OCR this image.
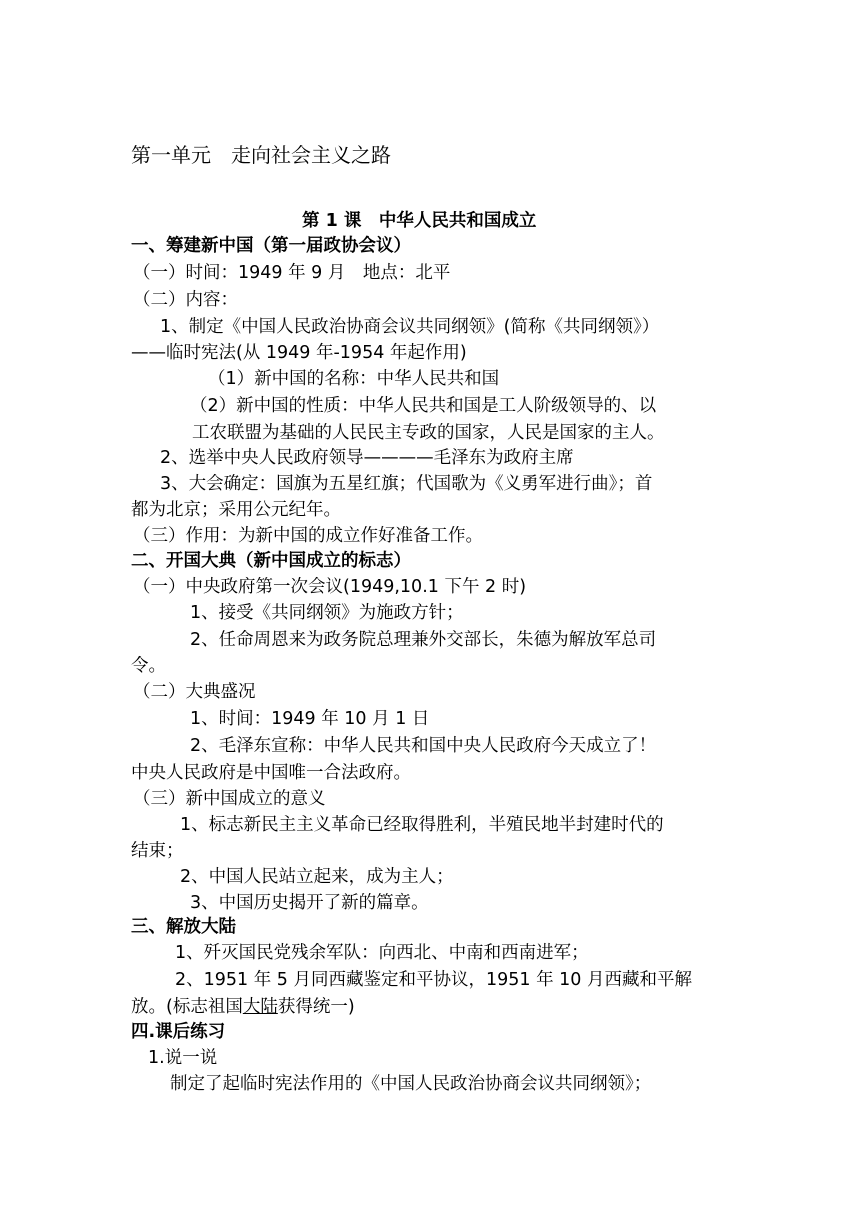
第一单元　走向社会主义之路
第 1 课　中华人民共和国成立
一、筹建新中国（第一届政协会议）
（一）时间：1949 年 9 月　地点：北平
（二）内容：
1、制定《中国人民政治协商会议共同纲领》(简称《共同纲领》）
——临时宪法(从 1949 年-1954 年起作用)
（1）新中国的名称：中华人民共和国
（2）新中国的性质：中华人民共和国是工人阶级领导的、以
工农联盟为基础的人民民主专政的国家，人民是国家的主人。
2、选举中央人民政府领导————毛泽东为政府主席
3、大会确定：国旗为五星红旗；代国歌为《义勇军进行曲》；首
都为北京；采用公元纪年。
（三）作用：为新中国的成立作好准备工作。
二、开国大典（新中国成立的标志）
（一）中央政府第一次会议(1949,10.1 下午 2 时)
1、接受《共同纲领》为施政方针；
2、任命周恩来为政务院总理兼外交部长，朱德为解放军总司
令。
（二）大典盛况
1、时间：1949 年 10 月 1 日
2、毛泽东宣称：中华人民共和国中央人民政府今天成立了！
中央人民政府是中国唯一合法政府。
（三）新中国成立的意义
1、标志新民主主义革命已经取得胜利，半殖民地半封建时代的
结束；
2、中国人民站立起来，成为主人；
3、中国历史揭开了新的篇章。
三、解放大陆
1、歼灭国民党残余军队：向西北、中南和西南进军；
2、1951 年 5 月同西藏鉴定和平协议，1951 年 10 月西藏和平解
放。(标志祖国大陆获得统一)
四.课后练习
1.说一说
制定了起临时宪法作用的《中国人民政治协商会议共同纲领》；
